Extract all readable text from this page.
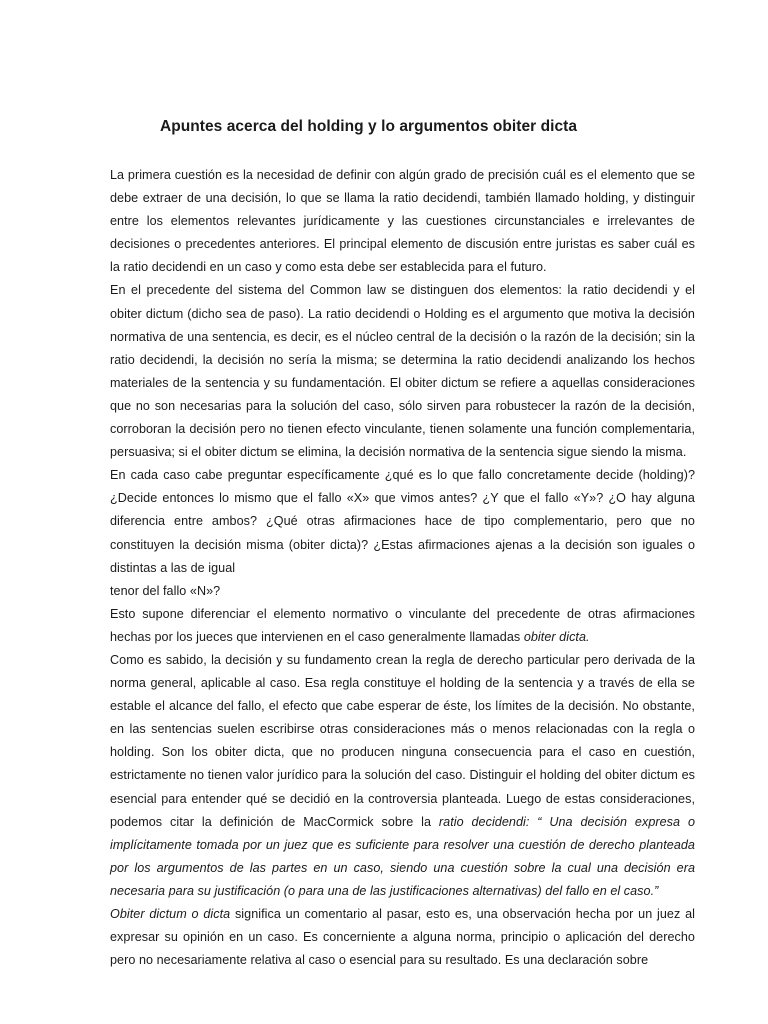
Apuntes acerca del holding y lo argumentos obiter dicta

La primera cuestión es la necesidad de definir con algún grado de precisión cuál es el elemento que se debe extraer de una decisión, lo que se llama la ratio decidendi, también llamado holding, y distinguir entre los elementos relevantes jurídicamente y las cuestiones circunstanciales e irrelevantes de decisiones o precedentes anteriores. El principal elemento de discusión entre juristas es saber cuál es la ratio decidendi en un caso y como esta debe ser establecida para el futuro.

En el precedente del sistema del Common law se distinguen dos elementos: la ratio decidendi y el obiter dictum (dicho sea de paso). La ratio decidendi o Holding es el argumento que motiva la decisión normativa de una sentencia, es decir, es el núcleo central de la decisión o la razón de la decisión; sin la ratio decidendi, la decisión no sería la misma; se determina la ratio decidendi analizando los hechos materiales de la sentencia y su fundamentación. El obiter dictum se refiere a aquellas consideraciones que no son necesarias para la solución del caso, sólo sirven para robustecer la razón de la decisión, corroboran la decisión pero no tienen efecto vinculante, tienen solamente una función complementaria, persuasiva; si el obiter dictum se elimina, la decisión normativa de la sentencia sigue siendo la misma.

En cada caso cabe preguntar específicamente ¿qué es lo que fallo concretamente decide (holding)? ¿Decide entonces lo mismo que el fallo «X» que vimos antes? ¿Y que el fallo «Y»? ¿O hay alguna diferencia entre ambos? ¿Qué otras afirmaciones hace de tipo complementario, pero que no constituyen la decisión misma (obiter dicta)? ¿Estas afirmaciones ajenas a la decisión son iguales o distintas a las de igual

tenor del fallo «N»?

Esto supone diferenciar el elemento normativo o vinculante del precedente de otras afirmaciones hechas por los jueces que intervienen en el caso generalmente llamadas obiter dicta.

Como es sabido, la decisión y su fundamento crean la regla de derecho particular pero derivada de la norma general, aplicable al caso. Esa regla constituye el holding de la sentencia y a través de ella se estable el alcance del fallo, el efecto que cabe esperar de éste, los límites de la decisión. No obstante, en las sentencias suelen escribirse otras consideraciones más o menos relacionadas con la regla o holding. Son los obiter dicta, que no producen ninguna consecuencia para el caso en cuestión, estrictamente no tienen valor jurídico para la solución del caso. Distinguir el holding del obiter dictum es esencial para entender qué se decidió en la controversia planteada. Luego de estas consideraciones, podemos citar la definición de MacCormick sobre la ratio decidendi: “ Una decisión expresa o implícitamente tomada por un juez que es suficiente para resolver una cuestión de derecho planteada por los argumentos de las partes en un caso, siendo una cuestión sobre la cual una decisión era necesaria para su justificación (o para una de las justificaciones alternativas) del fallo en el caso.”

Obiter dictum o dicta significa un comentario al pasar, esto es, una observación hecha por un juez al expresar su opinión en un caso. Es concerniente a alguna norma, principio o aplicación del derecho pero no necesariamente relativa al caso o esencial para su resultado. Es una declaración sobre
